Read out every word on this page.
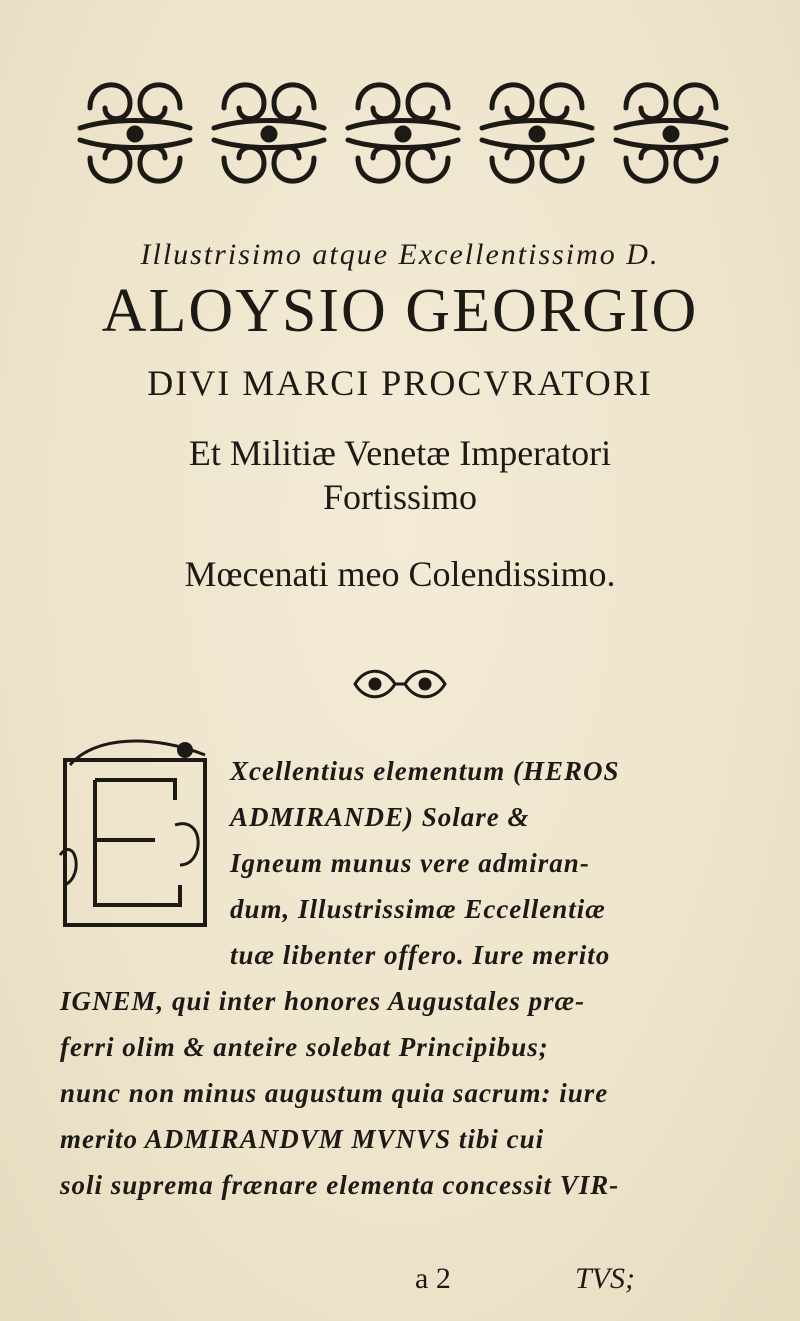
Illustrisimo atque Excellentissimo D.
ALOYSIO GEORGIO
DIVI MARCI PROCVRATORI
Et Militiæ Venetæ Imperatori
Fortissimo
Mœcenati meo Colendissimo.
Xcellentius elementum (HEROS
ADMIRANDE) Solare &
Igneum munus vere admiran-
dum, Illustrissimæ Eccellentiæ
tuæ libenter offero. Iure merito
IGNEM, qui inter honores Augustales præ-
ferri olim & anteire solebat Principibus;
nunc non minus augustum quia sacrum: iure
merito ADMIRANDVM MVNVS tibi cui
soli suprema frænare elementa concessit VIR-
a 2	TVS;
